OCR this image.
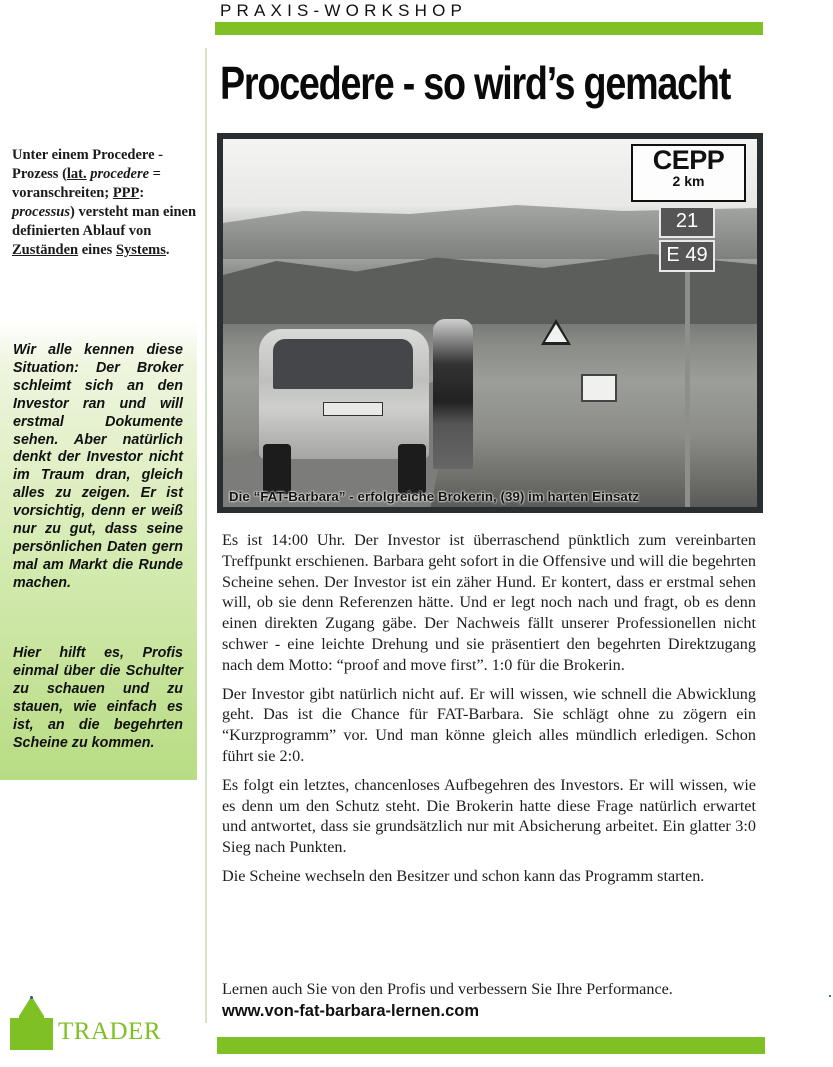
PRAXIS-WORKSHOP
Procedere - so wird’s gemacht
Unter einem Procedere - Prozess (lat. procedere = voranschreiten; PPP: processus) versteht man einen definierten Ablauf von Zuständen eines Systems.
Wir alle kennen diese Situation: Der Broker schleimt sich an den Investor ran und will erstmal Dokumente sehen. Aber natürlich denkt der Investor nicht im Traum dran, gleich alles zu zeigen. Er ist vorsichtig, denn er weiß nur zu gut, dass seine persönlichen Daten gern mal am Markt die Runde machen.
Hier hilft es, Profis einmal über die Schulter zu schauen und zu stauen, wie einfach es ist, an die begehrten Scheine zu kommen.
TRADER
CEPP
2 km
21
E 49
Die “FAT-Barbara” - erfolgreiche Brokerin, (39) im harten Einsatz

Es ist 14:00 Uhr. Der Investor ist überraschend pünktlich zum vereinbarten Treffpunkt erschienen. Barbara geht sofort in die Offensive und will die begehrten Scheine sehen. Der Investor ist ein zäher Hund. Er kontert, dass er erstmal sehen will, ob sie denn Referenzen hätte. Und er legt noch nach und fragt, ob es denn einen direkten Zugang gäbe. Der Nachweis fällt unserer Professionellen nicht schwer - eine leichte Drehung und sie präsentiert den begehrten Direktzugang nach dem Motto: “proof and move first”. 1:0 für die Brokerin.

Der Investor gibt natürlich nicht auf. Er will wissen, wie schnell die Abwicklung geht. Das ist die Chance für FAT-Barbara. Sie schlägt ohne zu zögern ein “Kurzprogramm” vor. Und man könne gleich alles mündlich erledigen. Schon führt sie 2:0.

Es folgt ein letztes, chancenloses Aufbegehren des Investors. Er will wissen, wie es denn um den Schutz steht. Die Brokerin hatte diese Frage natürlich erwartet und antwortet, dass sie grundsätzlich nur mit Absicherung arbeitet. Ein glatter 3:0 Sieg nach Punkten.

Die Scheine wechseln den Besitzer und schon kann das Programm starten.

Lernen auch Sie von den Profis und verbessern Sie Ihre Performance.
www.von-fat-barbara-lernen.com
